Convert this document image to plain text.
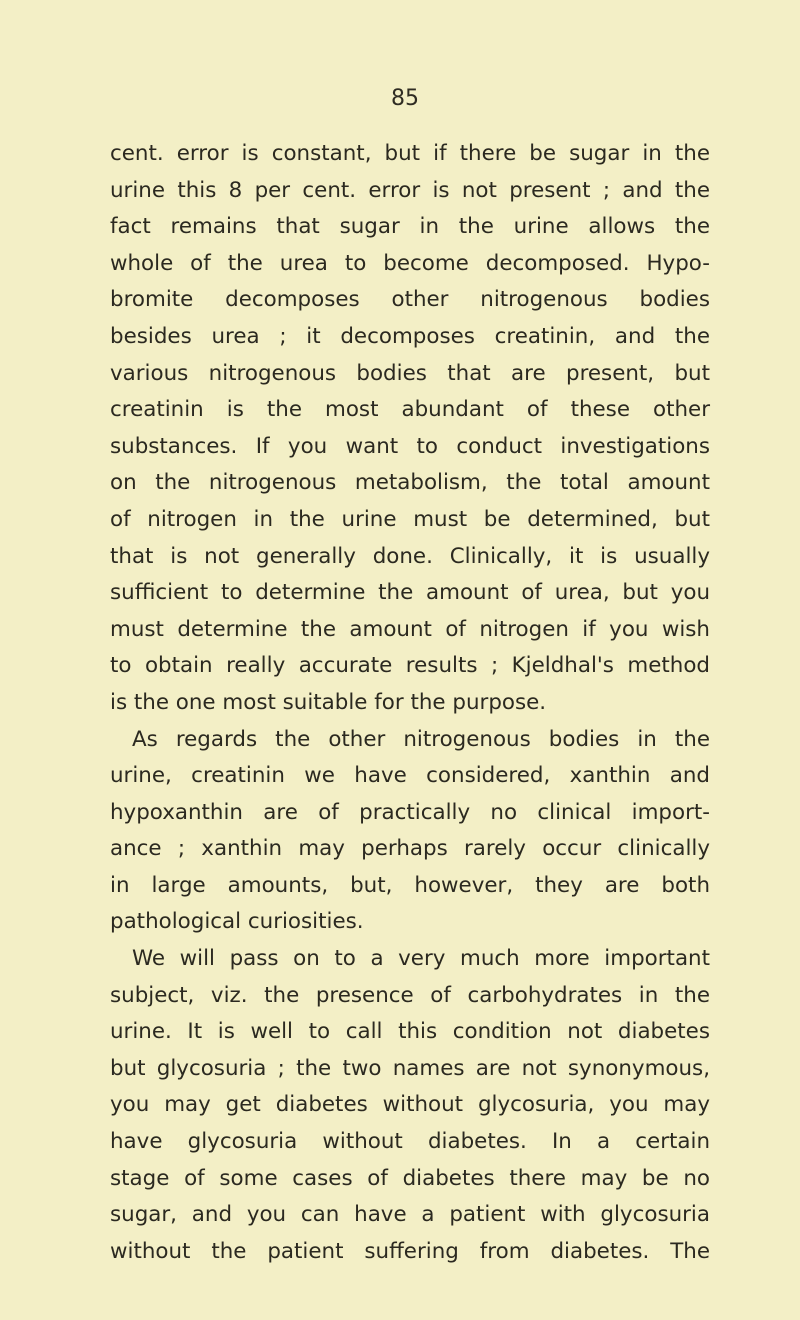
85
cent. error is constant, but if there be sugar in the
urine this 8 per cent. error is not present ; and the
fact remains that sugar in the urine allows the
whole of the urea to become decomposed. Hypo-
bromite decomposes other nitrogenous bodies
besides urea ; it decomposes creatinin, and the
various nitrogenous bodies that are present, but
creatinin is the most abundant of these other
substances. If you want to conduct investigations
on the nitrogenous metabolism, the total amount
of nitrogen in the urine must be determined, but
that is not generally done. Clinically, it is usually
sufficient to determine the amount of urea, but you
must determine the amount of nitrogen if you wish
to obtain really accurate results ; Kjeldhal's method
is the one most suitable for the purpose.
As regards the other nitrogenous bodies in the
urine, creatinin we have considered, xanthin and
hypoxanthin are of practically no clinical import-
ance ; xanthin may perhaps rarely occur clinically
in large amounts, but, however, they are both
pathological curiosities.
We will pass on to a very much more important
subject, viz. the presence of carbohydrates in the
urine. It is well to call this condition not diabetes
but glycosuria ; the two names are not synonymous,
you may get diabetes without glycosuria, you may
have glycosuria without diabetes. In a certain
stage of some cases of diabetes there may be no
sugar, and you can have a patient with glycosuria
without the patient suffering from diabetes. The
